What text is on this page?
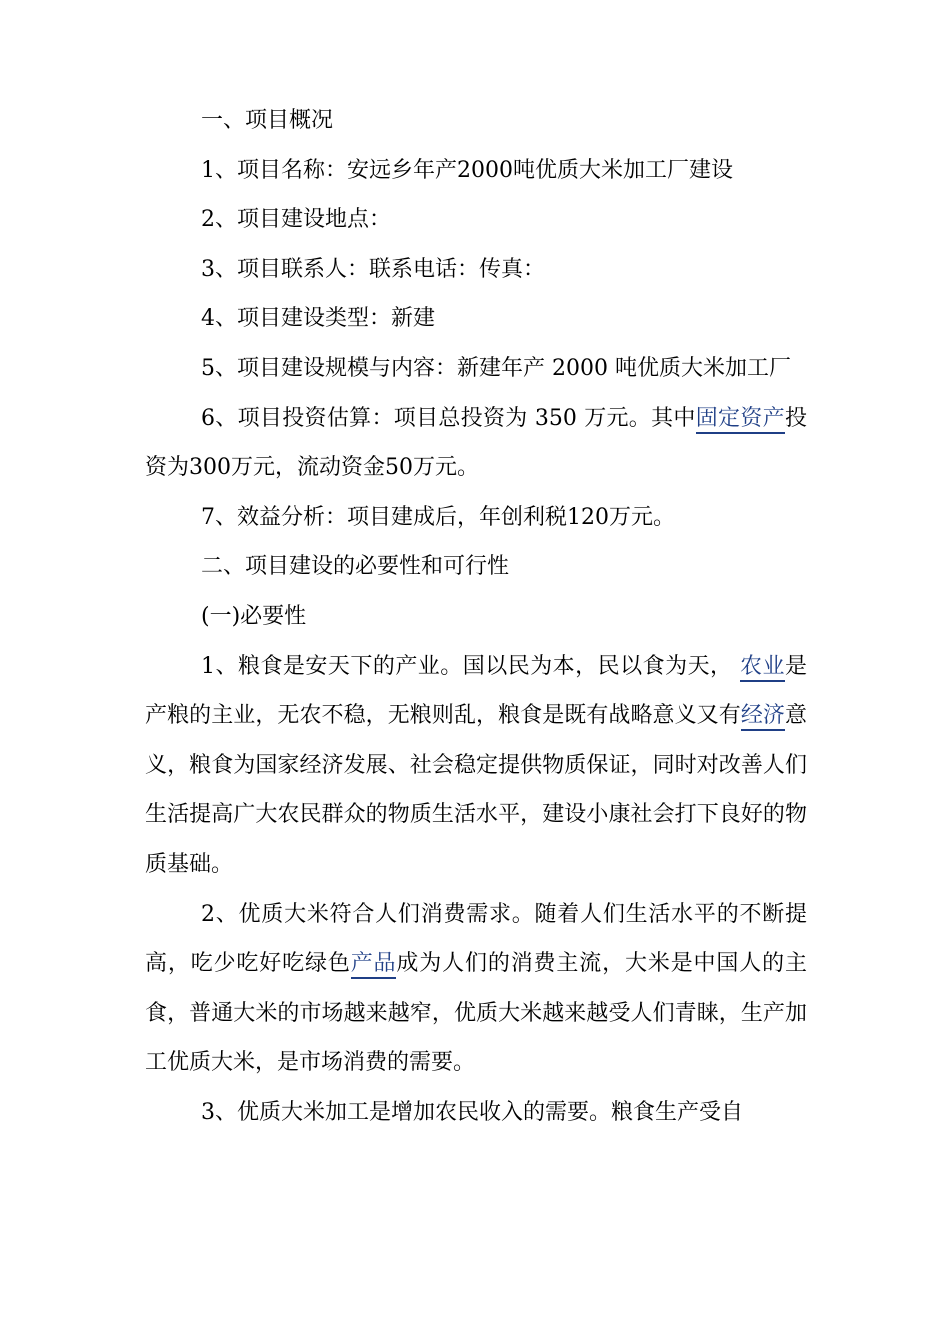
一、项目概况

1、项目名称：安远乡年产2000吨优质大米加工厂建设

2、项目建设地点：

3、项目联系人：联系电话：传真：

4、项目建设类型：新建

5、项目建设规模与内容：新建年产 2000 吨优质大米加工厂

6、项目投资估算：项目总投资为 350 万元。其中固定资产投资为300万元，流动资金50万元。

7、效益分析：项目建成后，年创利税120万元。

二、项目建设的必要性和可行性

(一)必要性

1、粮食是安天下的产业。国以民为本，民以食为天， 农业是产粮的主业，无农不稳，无粮则乱，粮食是既有战略意义又有经济意义，粮食为国家经济发展、社会稳定提供物质保证，同时对改善人们生活提高广大农民群众的物质生活水平，建设小康社会打下良好的物质基础。

2、优质大米符合人们消费需求。随着人们生活水平的不断提高，吃少吃好吃绿色产品成为人们的消费主流，大米是中国人的主食，普通大米的市场越来越窄，优质大米越来越受人们青睐，生产加工优质大米，是市场消费的需要。

3、优质大米加工是增加农民收入的需要。粮食生产受自
